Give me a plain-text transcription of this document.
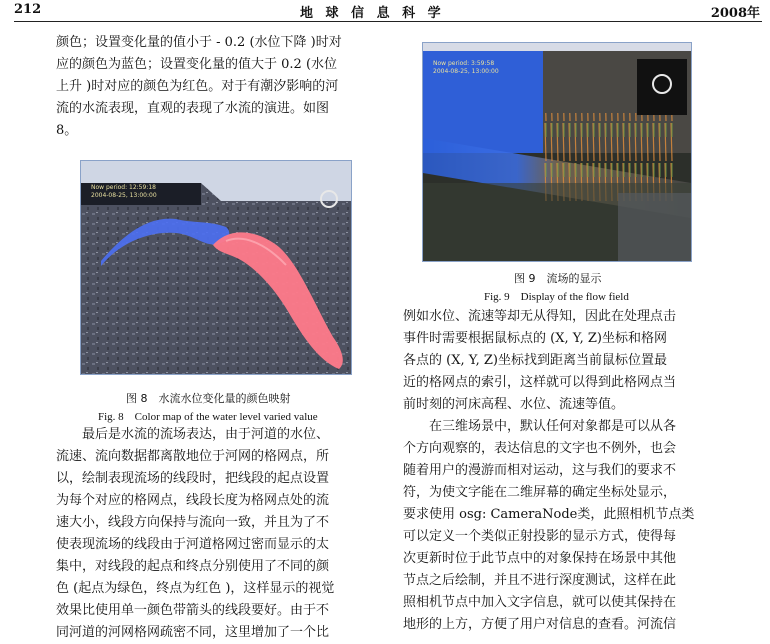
212	地 球 信 息 科 学	2008年

颜色；设置变化量的值小于 - 0.2 (水位下降 )时对

应的颜色为蓝色；设置变化量的值大于 0.2 (水位

上升 )时对应的颜色为红色。对于有潮汐影响的河

流的水流表现，直观的表现了水流的演进。如图

8。

Now period: 12:59:18
2004-08-25, 13:00:00
图 8　水流水位变化量的颜色映射
Fig. 8　Color map of the water level varied value

　　最后是水流的流场表达，由于河道的水位、

流速、流向数据都离散地位于河网的格网点，所

以，绘制表现流场的线段时，把线段的起点设置

为每个对应的格网点，线段长度为格网点处的流

速大小，线段方向保持与流向一致，并且为了不

使表现流场的线段由于河道格网过密而显示的太

集中，对线段的起点和终点分别使用了不同的颜

色 (起点为绿色，终点为红色 )，这样显示的视觉

效果比使用单一颜色带箭头的线段要好。由于不

同河道的河网格网疏密不同，这里增加了一个比

Now period: 3:59:58
2004-08-25, 13:00:00
图 9　流场的显示
Fig. 9　Display of the flow field

例如水位、流速等却无从得知，因此在处理点击

事件时需要根据鼠标点的 (X, Y, Z)坐标和格网

各点的 (X, Y, Z)坐标找到距离当前鼠标位置最

近的格网点的索引，这样就可以得到此格网点当

前时刻的河床高程、水位、流速等值。

　　在三维场景中，默认任何对象都是可以从各

个方向观察的，表达信息的文字也不例外，也会

随着用户的漫游而相对运动，这与我们的要求不

符，为使文字能在二维屏幕的确定坐标处显示，

要求使用 osg: CameraNode类，此照相机节点类

可以定义一个类似正射投影的显示方式，使得每

次更新时位于此节点中的对象保持在场景中其他

节点之后绘制，并且不进行深度测试，这样在此

照相机节点中加入文字信息，就可以使其保持在

地形的上方，方便了用户对信息的查看。河流信
